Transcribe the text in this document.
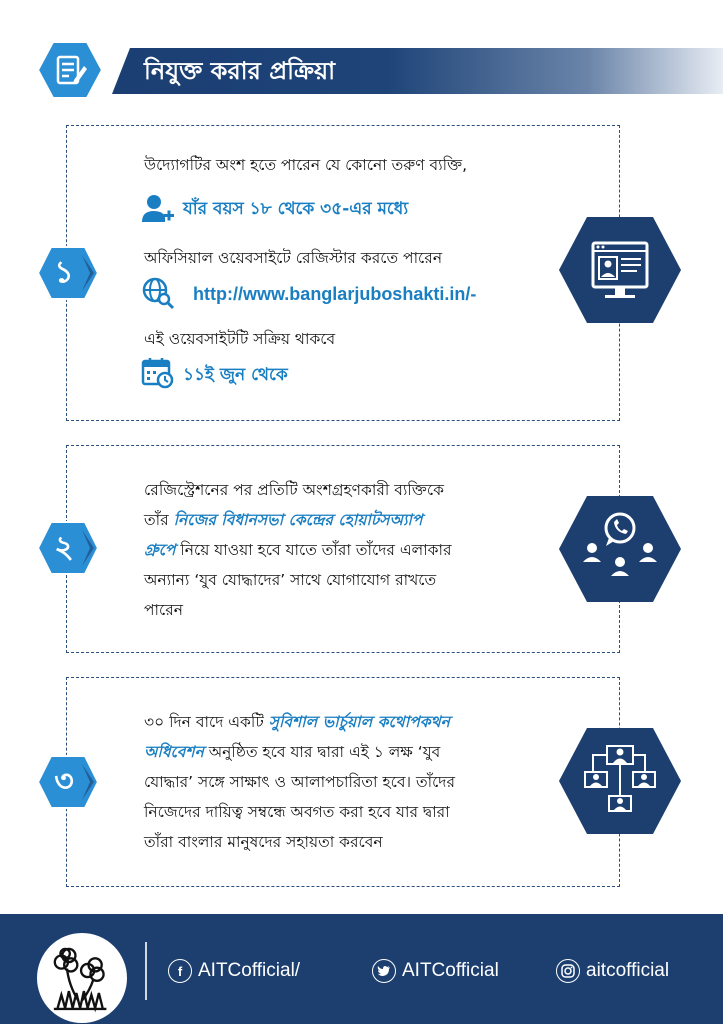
নিযুক্ত করার প্রক্রিয়া
১
উদ্যোগটির অংশ হতে পারেন যে কোনো তরুণ ব্যক্তি,
যাঁর বয়স ১৮ থেকে ৩৫-এর মধ্যে
অফিসিয়াল ওয়েবসাইটে রেজিস্টার করতে পারেন
http://www.banglarjuboshakti.in/-
এই ওয়েবসাইটটি সক্রিয় থাকবে
১১ই জুন থেকে
২
রেজিস্ট্রেশনের পর প্রতিটি অংশগ্রহণকারী ব্যক্তিকে
তাঁর নিজের বিধানসভা কেন্দ্রের হোয়াটসঅ্যাপ
গ্রুপে নিয়ে যাওয়া হবে যাতে তাঁরা তাঁদের এলাকার
অন্যান্য ‘যুব যোদ্ধাদের’ সাথে যোগাযোগ রাখতে
পারেন
৩
৩০ দিন বাদে একটি সুবিশাল ভার্চুয়াল কথোপকথন
অধিবেশন অনুষ্ঠিত হবে যার দ্বারা এই ১ লক্ষ ‘যুব
যোদ্ধার’ সঙ্গে সাক্ষাৎ ও আলাপচারিতা হবে। তাঁদের
নিজেদের দায়িত্ব সম্বন্ধে অবগত করা হবে যার দ্বারা
তাঁরা বাংলার মানুষদের সহায়তা করবেন
f AITCofficial/	AITCofficial	aitcofficial
